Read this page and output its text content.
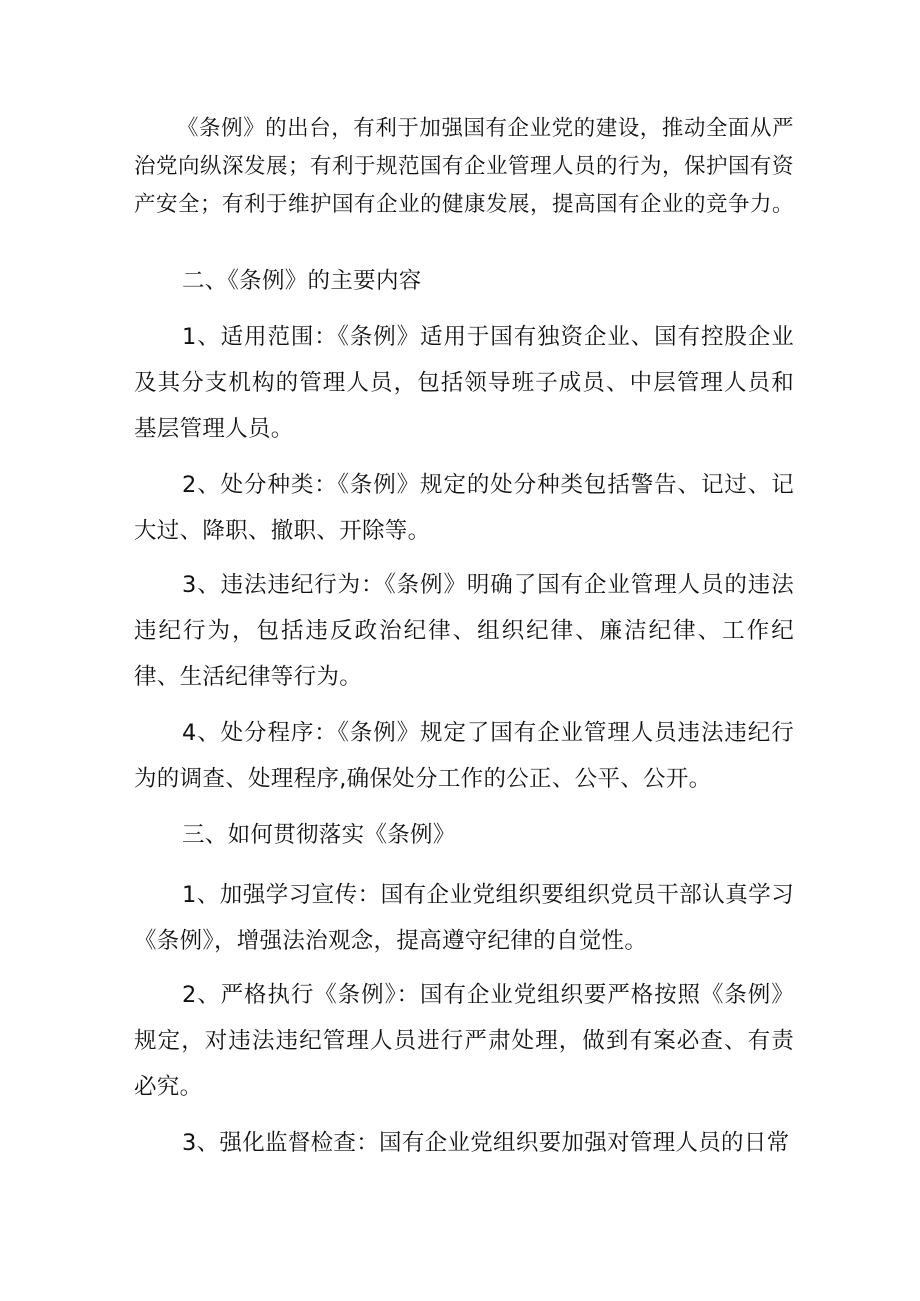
《条例》的出台，有利于加强国有企业党的建设，推动全面从严治党向纵深发展；有利于规范国有企业管理人员的行为，保护国有资产安全；有利于维护国有企业的健康发展，提高国有企业的竞争力。

二、《条例》的主要内容

1、适用范围：《条例》适用于国有独资企业、国有控股企业及其分支机构的管理人员，包括领导班子成员、中层管理人员和基层管理人员。

2、处分种类：《条例》规定的处分种类包括警告、记过、记大过、降职、撤职、开除等。

3、违法违纪行为：《条例》明确了国有企业管理人员的违法违纪行为，包括违反政治纪律、组织纪律、廉洁纪律、工作纪律、生活纪律等行为。

4、处分程序：《条例》规定了国有企业管理人员违法违纪行为的调查、处理程序,确保处分工作的公正、公平、公开。

三、如何贯彻落实《条例》

1、加强学习宣传：国有企业党组织要组织党员干部认真学习《条例》，增强法治观念，提高遵守纪律的自觉性。

2、严格执行《条例》：国有企业党组织要严格按照《条例》规定，对违法违纪管理人员进行严肃处理，做到有案必查、有责必究。

3、强化监督检查：国有企业党组织要加强对管理人员的日常
